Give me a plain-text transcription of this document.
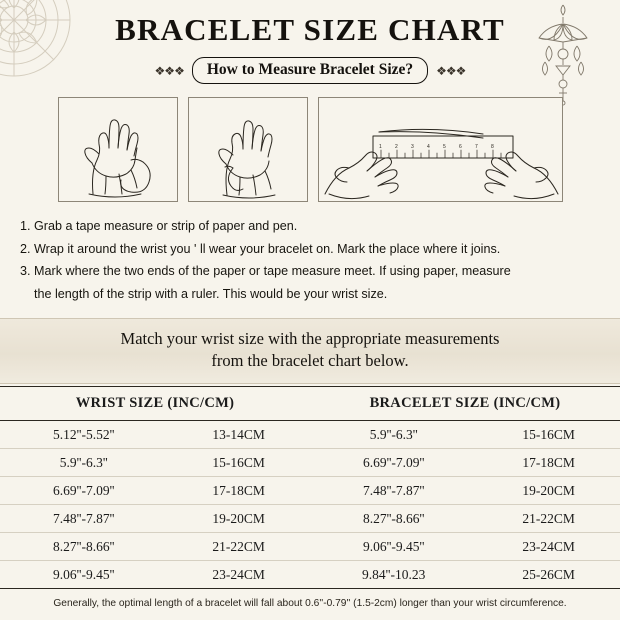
BRACELET SIZE CHART
❖❖❖	How to Measure Bracelet Size?	❖❖❖
1	2	3	4	5	6	7	8
1. Grab a tape measure or strip of paper and pen.
2. Wrap it around the wrist you ' ll wear your bracelet on. Mark the place where it joins.
3. Mark where the two ends of the paper or tape measure meet. If using paper, measure
the length of the strip with a ruler. This would be your wrist size.
Match your wrist size with the appropriate measurements
from the bracelet chart below.
WRIST SIZE (INC/CM)		BRACELET SIZE (INC/CM)	
5.12''-5.52''	13-14CM	5.9''-6.3''	15-16CM
5.9''-6.3''	15-16CM	6.69''-7.09''	17-18CM
6.69''-7.09''	17-18CM	7.48''-7.87''	19-20CM
7.48''-7.87''	19-20CM	8.27''-8.66''	21-22CM
8.27''-8.66''	21-22CM	9.06''-9.45''	23-24CM
9.06''-9.45''	23-24CM	9.84''-10.23	25-26CM
Generally, the optimal length of a bracelet will fall about 0.6''-0.79'' (1.5-2cm) longer than your wrist circumference.
